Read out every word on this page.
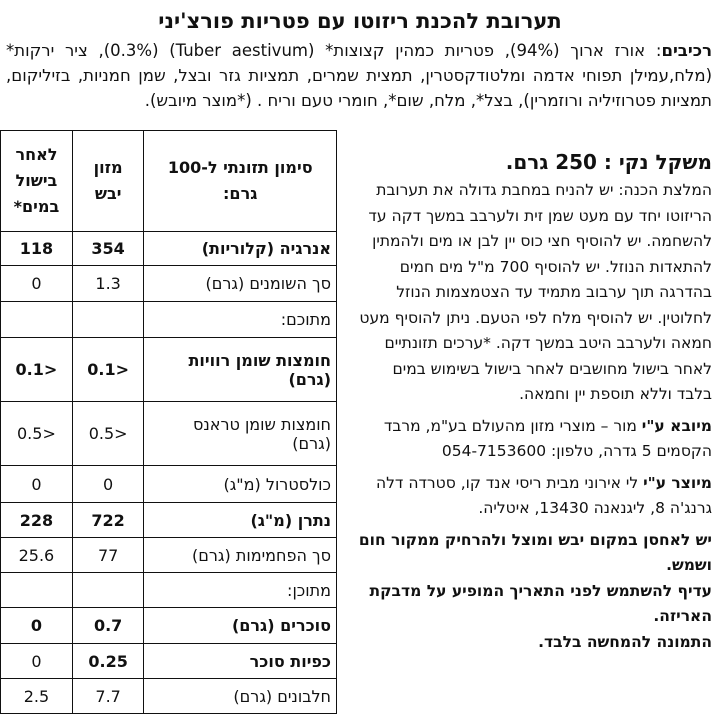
תערובת להכנת ריזוטו עם פטריות פורצ'יני

רכיבים: אורז ארוך (94%), פטריות כמהין קצוצות* (Tuber aestivum) (0.3%), ציר ירקות* (מלח,עמילן תפוחי אדמה ומלטודקסטרין, תמצית שמרים, תמציות גזר ובצל, שמן חמניות, בזיליקום, תמציות פטרוזיליה ורוזמרין), בצל*, מלח, שום*, חומרי טעם וריח . (*מוצר מיובש).

משקל נקי : 250 גרם.

המלצת הכנה: יש להניח במחבת גדולה את תערובת הריזוטו יחד עם מעט שמן זית ולערבב במשך דקה עד להשחמה. יש להוסיף חצי כוס יין לבן או מים ולהמתין להתאדות הנוזל. יש להוסיף 700 מ"ל מים חמים בהדרגה תוך ערבוב מתמיד עד הצטמצמות הנוזל לחלוטין. יש להוסיף מלח לפי הטעם. ניתן להוסיף מעט חמאה ולערבב היטב במשך דקה. *ערכים תזונתיים לאחר בישול מחושבים לאחר בישול בשימוש במים בלבד וללא תוספת יין וחמאה.

מיובא ע"י מור – מוצרי מזון מהעולם בע"מ, מרבד הקסמים 5 גדרה, טלפון: 054-7153600

מיוצר ע"י לי אירוני מבית ריסי אנד קו, סטרדה דלה גרנג'ה 8, ליגנאנה 13430, איטליה.

יש לאחסן במקום יבש ומוצל ולהרחיק ממקור חום ושמש.

עדיף להשתמש לפני התאריך המופיע על מדבקת האריזה.

התמונה להמחשה בלבד.

סימון תזונתי ל-100 גרם:	מזון יבש	לאחר בישול במים*
אנרגיה (קלוריות)	354	118
סך השומנים (גרם)	1.3	0
מתוכם:		
חומצות שומן רוויות (גרם)	<0.1	<0.1
חומצות שומן טראנס (גרם)	<0.5	<0.5
כולסטרול (מ"ג)	0	0
נתרן (מ"ג)	722	228
סך הפחמימות (גרם)	77	25.6
מתוכן:		
סוכרים (גרם)	0.7	0
כפיות סוכר	0.25	0
חלבונים (גרם)	7.7	2.5
